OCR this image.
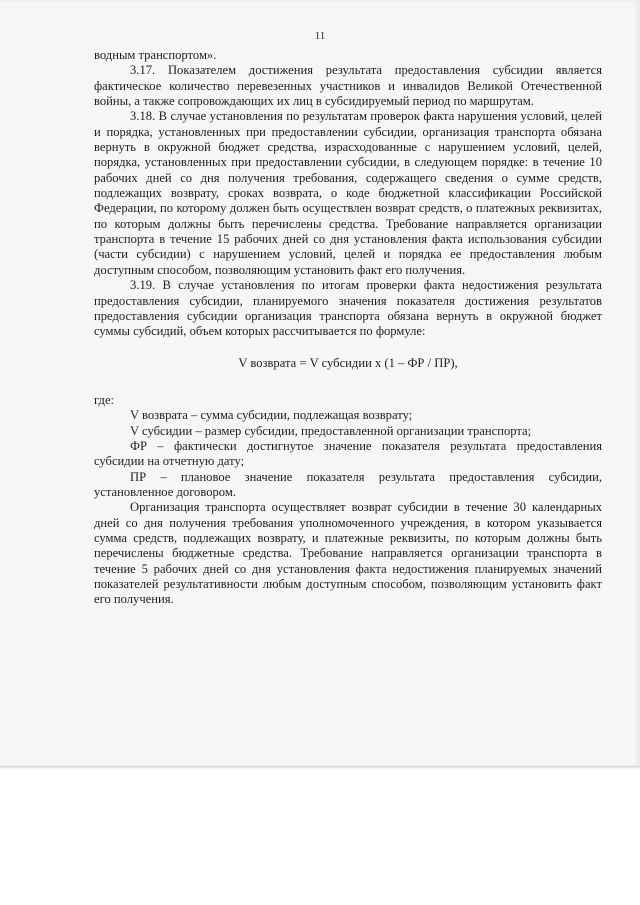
11

водным транспортом».

3.17. Показателем достижения результата предоставления субсидии является фактическое количество перевезенных участников и инвалидов Великой Отечественной войны, а также сопровождающих их лиц в субсидируемый период по маршрутам.

3.18. В случае установления по результатам проверок факта нарушения условий, целей и порядка, установленных при предоставлении субсидии, организация транспорта обязана вернуть в окружной бюджет средства, израсходованные с нарушением условий, целей, порядка, установленных при предоставлении субсидии, в следующем порядке: в течение 10 рабочих дней со дня получения требования, содержащего сведения о сумме средств, подлежащих возврату, сроках возврата, о коде бюджетной классификации Российской Федерации, по которому должен быть осуществлен возврат средств, о платежных реквизитах, по которым должны быть перечислены средства. Требование направляется организации транспорта в течение 15 рабочих дней со дня установления факта использования субсидии (части субсидии) с нарушением условий, целей и порядка ее предоставления любым доступным способом, позволяющим установить факт его получения.

3.19. В случае установления по итогам проверки факта недостижения результата предоставления субсидии, планируемого значения показателя достижения результатов предоставления субсидии организация транспорта обязана вернуть в окружной бюджет суммы субсидий, объем которых рассчитывается по формуле:

V возврата = V субсидии x (1 – ФР / ПР),

где:

V возврата – сумма субсидии, подлежащая возврату;

V субсидии – размер субсидии, предоставленной организации транспорта;

ФР – фактически достигнутое значение показателя результата предоставления субсидии на отчетную дату;

ПР – плановое значение показателя результата предоставления субсидии, установленное договором.

Организация транспорта осуществляет возврат субсидии в течение 30 календарных дней со дня получения требования уполномоченного учреждения, в котором указывается сумма средств, подлежащих возврату, и платежные реквизиты, по которым должны быть перечислены бюджетные средства. Требование направляется организации транспорта в течение 5 рабочих дней со дня установления факта недостижения планируемых значений показателей результативности любым доступным способом, позволяющим установить факт его получения.
